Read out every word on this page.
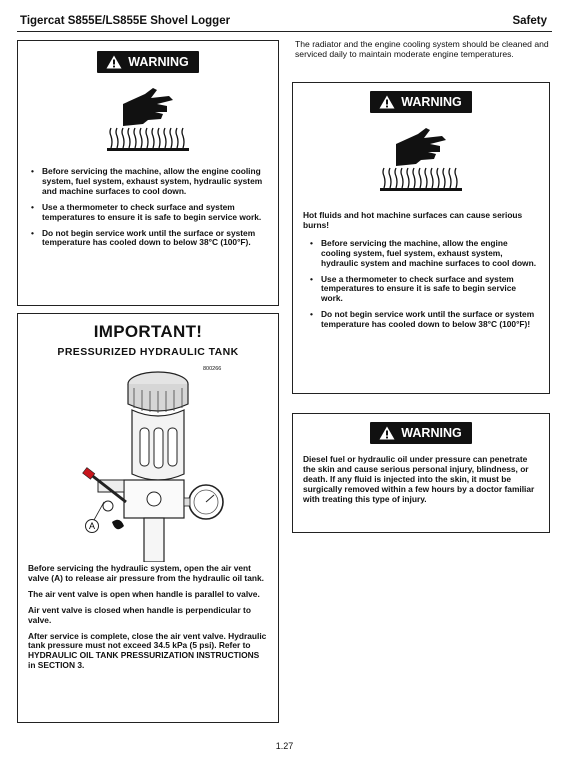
Tigercat S855E/LS855E Shovel Logger	Safety
WARNING
• Before servicing the machine, allow the engine cooling system, fuel system, exhaust system, hydraulic system and machine surfaces to cool down.
• Use a thermometer to check surface and system temperatures to ensure it is safe to begin service work.
• Do not begin service work until the surface or system temperature has cooled down to below 38°C (100°F).
IMPORTANT!
PRESSURIZED HYDRAULIC TANK
800266
A

Before servicing the hydraulic system, open the air vent valve (A) to release air pressure from the hydraulic oil tank.

The air vent valve is open when handle is parallel to valve.

Air vent valve is closed when handle is perpendicular to valve.

After service is complete, close the air vent valve. Hydraulic tank pressure must not exceed 34.5 kPa (5 psi). Refer to HYDRAULIC OIL TANK PRESSURIZATION INSTRUCTIONS in SECTION 3.

The radiator and the engine cooling system should be cleaned and serviced daily to maintain moderate engine temperatures.
WARNING
Hot fluids and hot machine surfaces can cause serious burns!
• Before servicing the machine, allow the engine cooling system, fuel system, exhaust system, hydraulic system and machine surfaces to cool down.
• Use a thermometer to check surface and system temperatures to ensure it is safe to begin service work.
• Do not begin service work until the surface or system temperature has cooled down to below 38°C (100°F)!
WARNING
Diesel fuel or hydraulic oil under pressure can penetrate the skin and cause serious personal injury, blindness, or death. If any fluid is injected into the skin, it must be surgically removed within a few hours by a doctor familiar with treating this type of injury.
1.27
